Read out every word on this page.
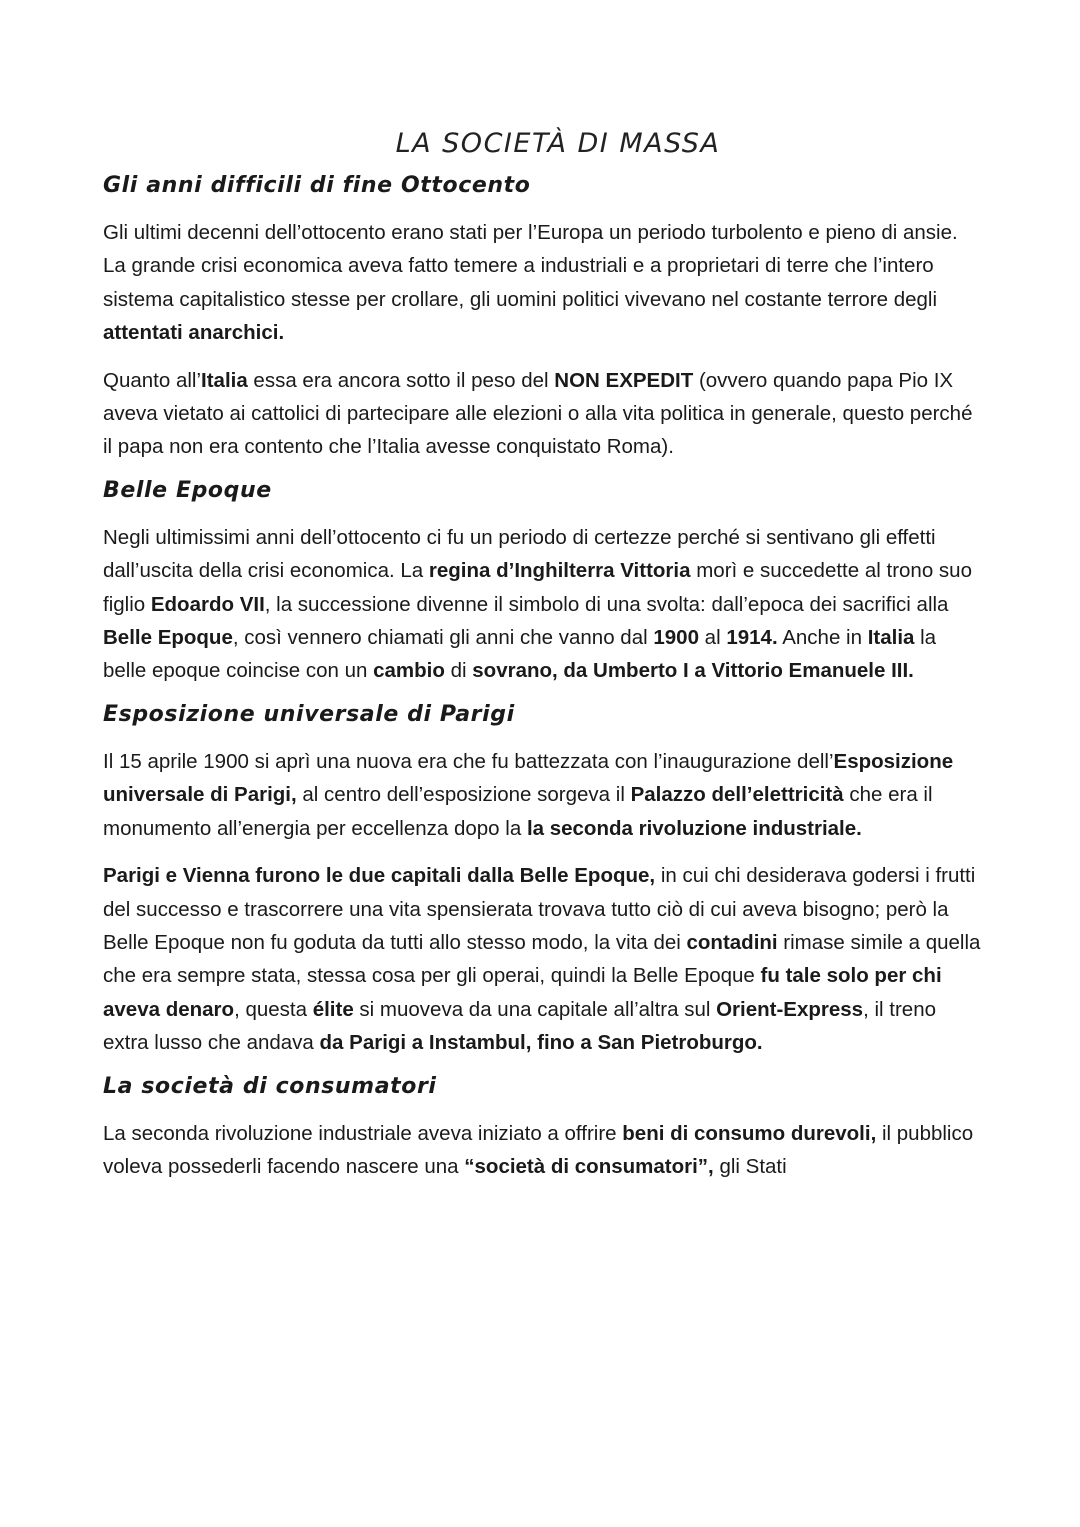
LA SOCIETÀ DI MASSA
Gli anni difficili di fine Ottocento

Gli ultimi decenni dell’ottocento erano stati per l’Europa un periodo turbolento e pieno di ansie. La grande crisi economica aveva fatto temere a industriali e a proprietari di terre che l’intero sistema capitalistico stesse per crollare, gli uomini politici vivevano nel costante terrore degli attentati anarchici.

Quanto all’Italia essa era ancora sotto il peso del NON EXPEDIT (ovvero quando papa Pio IX aveva vietato ai cattolici di partecipare alle elezioni o alla vita politica in generale, questo perché il papa non era contento che l’Italia avesse conquistato Roma).

Belle Epoque

Negli ultimissimi anni dell’ottocento ci fu un periodo di certezze perché si sentivano gli effetti dall’uscita della crisi economica. La regina d’Inghilterra Vittoria morì e succedette al trono suo figlio Edoardo VII, la successione divenne il simbolo di una svolta: dall’epoca dei sacrifici alla Belle Epoque, così vennero chiamati gli anni che vanno dal 1900 al 1914. Anche in Italia la belle epoque coincise con un cambio di sovrano, da Umberto I a Vittorio Emanuele III.

Esposizione universale di Parigi

Il 15 aprile 1900 si aprì una nuova era che fu battezzata con l’inaugurazione dell’Esposizione universale di Parigi, al centro dell’esposizione sorgeva il Palazzo dell’elettricità che era il monumento all’energia per eccellenza dopo la la seconda rivoluzione industriale.

Parigi e Vienna furono le due capitali dalla Belle Epoque, in cui chi desiderava godersi i frutti del successo e trascorrere una vita spensierata trovava tutto ciò di cui aveva bisogno; però la Belle Epoque non fu goduta da tutti allo stesso modo, la vita dei contadini rimase simile a quella che era sempre stata, stessa cosa per gli operai, quindi la Belle Epoque fu tale solo per chi aveva denaro, questa élite si muoveva da una capitale all’altra sul Orient-Express, il treno extra lusso che andava da Parigi a Instambul, fino a San Pietroburgo.

La società di consumatori

La seconda rivoluzione industriale aveva iniziato a offrire beni di consumo durevoli, il pubblico voleva possederli facendo nascere una “società di consumatori”, gli Stati
